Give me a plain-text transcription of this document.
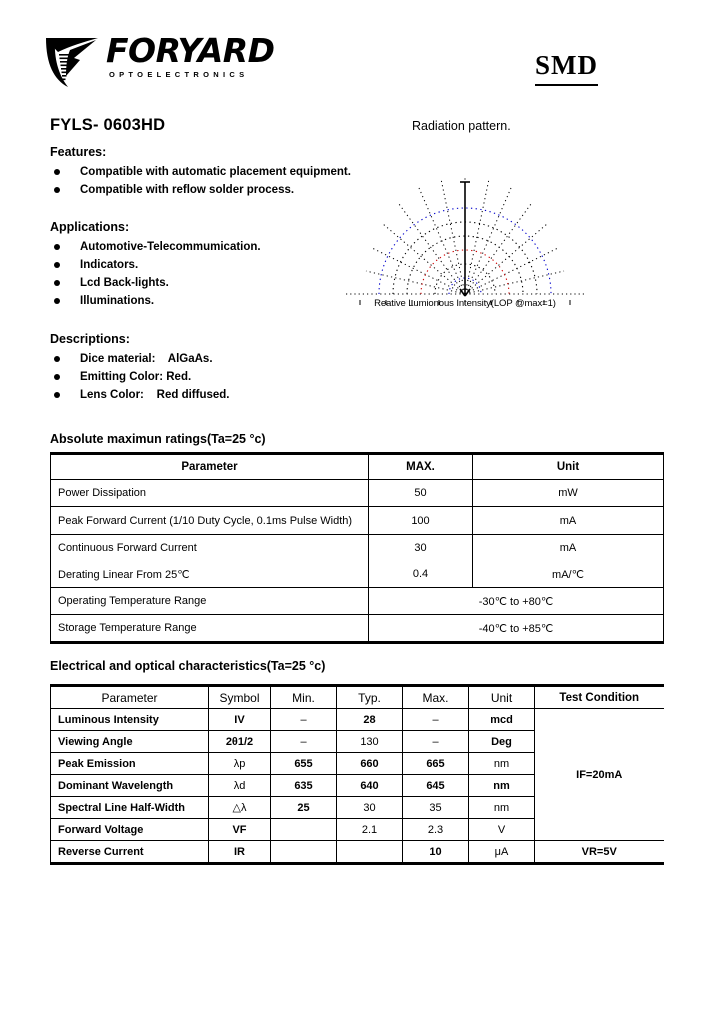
FORYARD
OPTOELECTRONICS	SMD
FYLS- 0603HD	Radiation pattern.
Features:
Compatible with automatic placement equipment.
Compatible with reflow solder process.
Applications:
Automotive-Telecommumication.
Indicators.
Lcd Back-lights.
Illuminations.
Descriptions:
Dice material:    AlGaAs.
Emitting Color: Red.
Lens Color:    Red diffused.
Reative Lumionous Intensity(LOP @max=1)
Absolute maximun ratings(Ta=25 °c)
Parameter	MAX.	Unit
Power Dissipation	50	mW
Peak Forward Current (1/10 Duty Cycle, 0.1ms Pulse Width)	100	mA
Continuous Forward Current	30	mA
Derating Linear From 25℃	0.4	mA/℃
Operating Temperature Range	-30℃ to +80℃	
Storage Temperature Range	-40℃ to +85℃	
Electrical and optical characteristics(Ta=25 °c)
Parameter	Symbol	Min.	Typ.	Max.	Unit	Test Condition
Luminous Intensity	IV	–	28	–	mcd	IF=20mA
Viewing Angle	2θ1/2	–	130	–	Deg	
Peak Emission	λp	655	660	665	nm	
Dominant Wavelength	λd	635	640	645	nm	
Spectral Line Half-Width	△λ	25	30	35	nm	
Forward Voltage	VF		2.1	2.3	V	
Reverse Current	IR			10	μA	VR=5V
